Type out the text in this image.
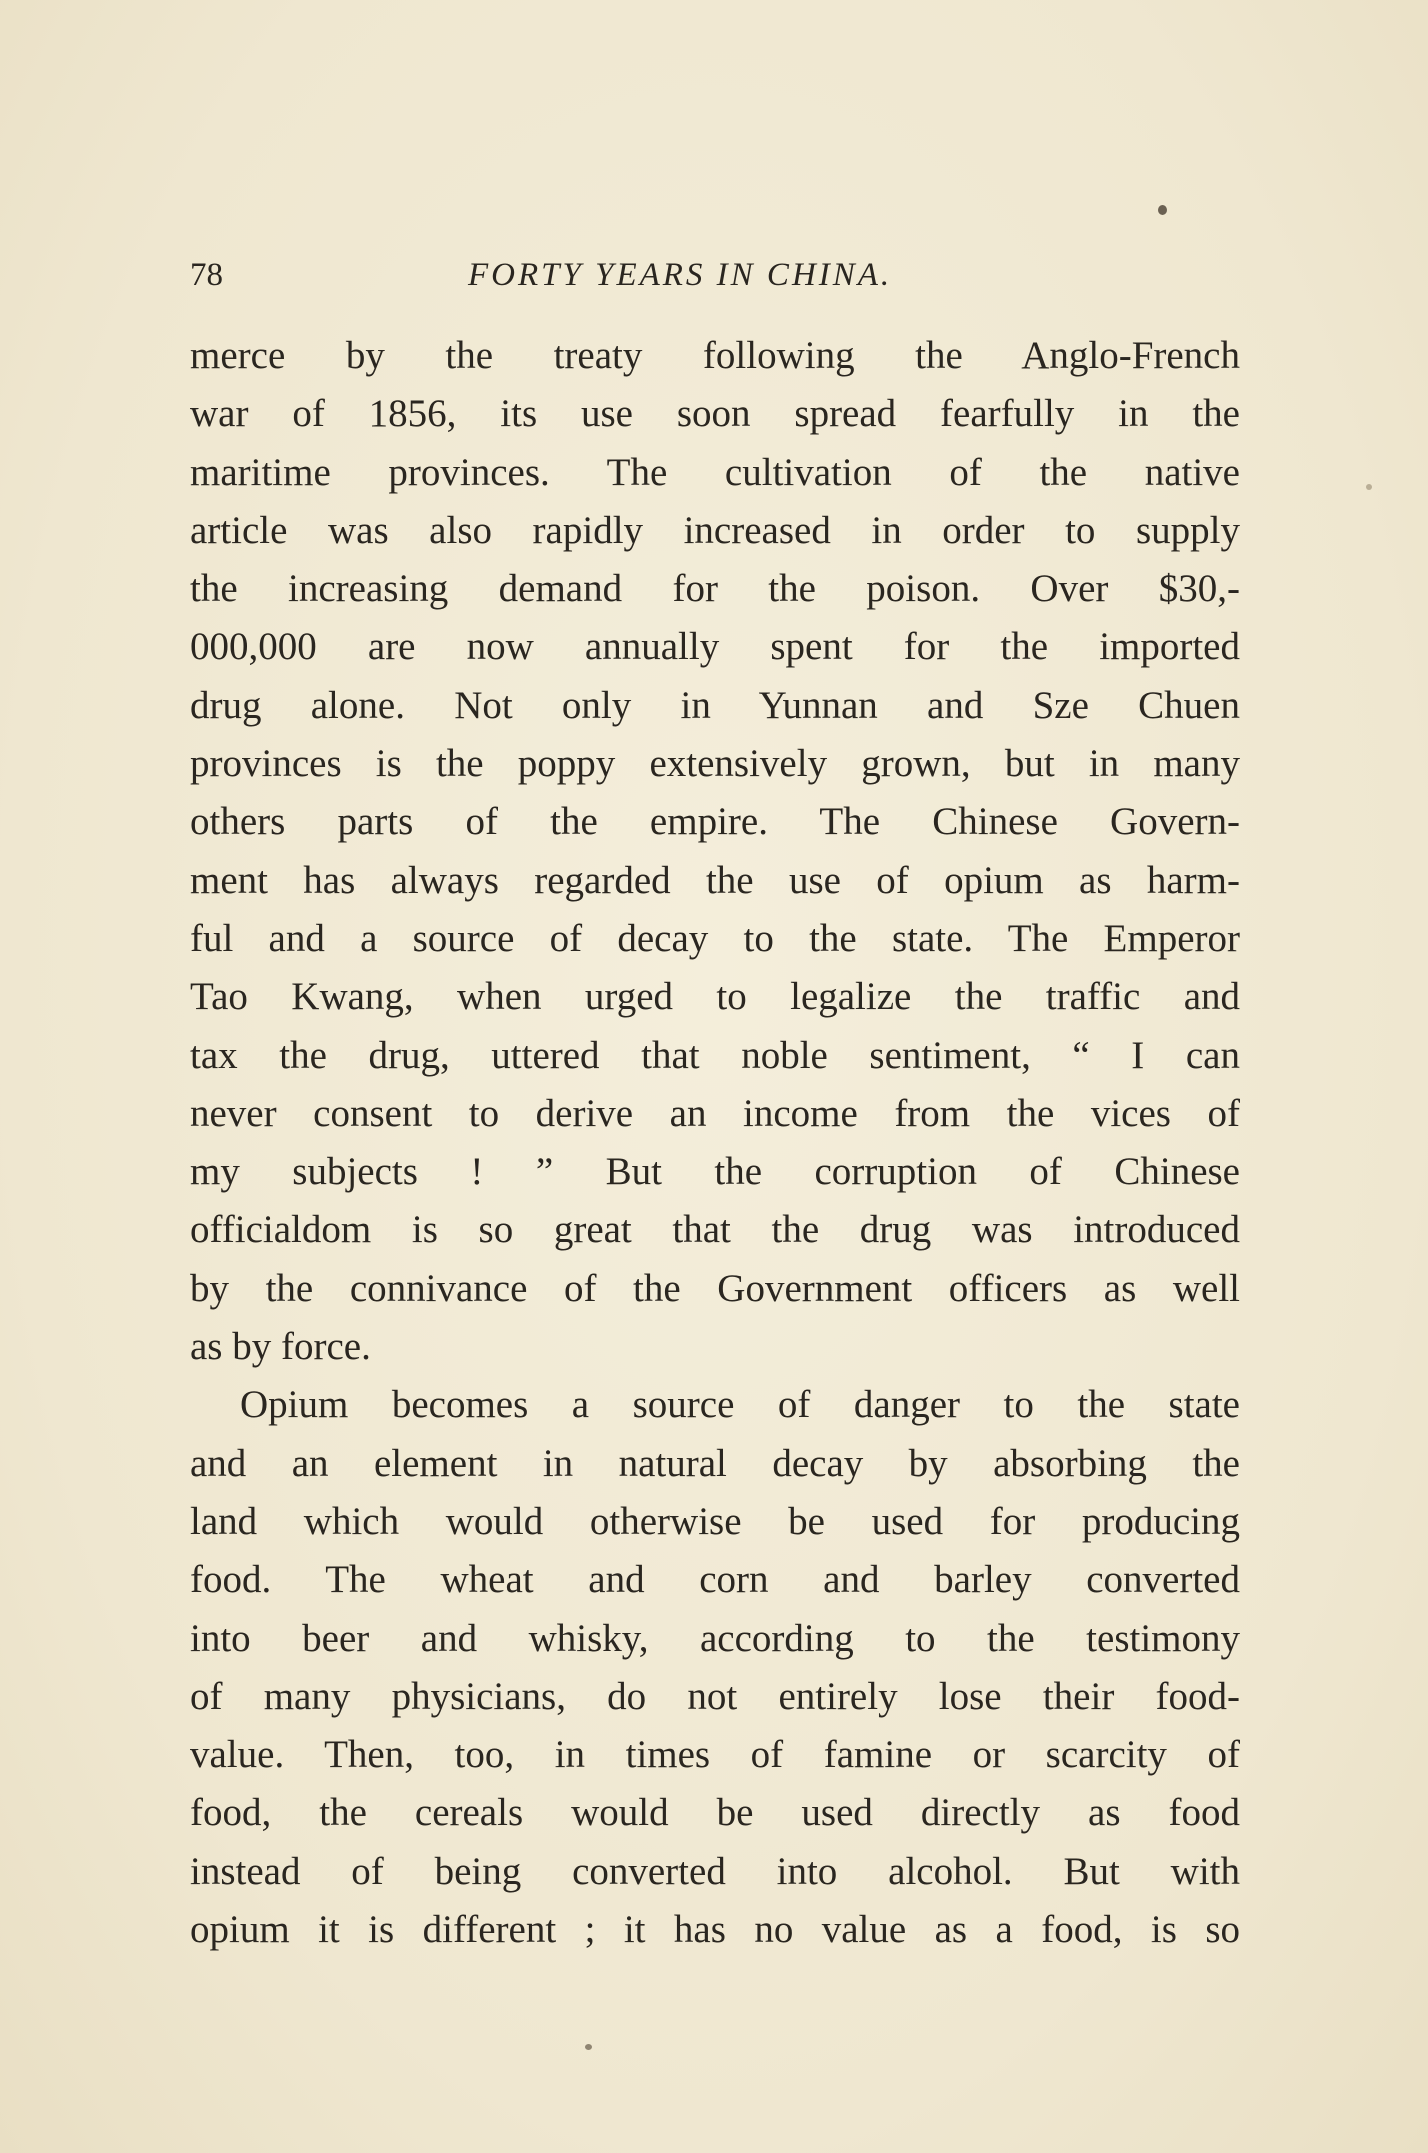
78	FORTY YEARS IN CHINA.
merce by the treaty following the Anglo-French
war of 1856, its use soon spread fearfully in the
maritime provinces. The cultivation of the native
article was also rapidly increased in order to supply
the increasing demand for the poison. Over $30,-
000,000 are now annually spent for the imported
drug alone. Not only in Yunnan and Sze Chuen
provinces is the poppy extensively grown, but in many
others parts of the empire. The Chinese Govern-
ment has always regarded the use of opium as harm-
ful and a source of decay to the state. The Emperor
Tao Kwang, when urged to legalize the traffic and
tax the drug, uttered that noble sentiment, “ I can
never consent to derive an income from the vices of
my subjects ! ” But the corruption of Chinese
officialdom is so great that the drug was introduced
by the connivance of the Government officers as well
as by force.
Opium becomes a source of danger to the state
and an element in natural decay by absorbing the
land which would otherwise be used for producing
food. The wheat and corn and barley converted
into beer and whisky, according to the testimony
of many physicians, do not entirely lose their food-
value. Then, too, in times of famine or scarcity of
food, the cereals would be used directly as food
instead of being converted into alcohol. But with
opium it is different ; it has no value as a food, is so
